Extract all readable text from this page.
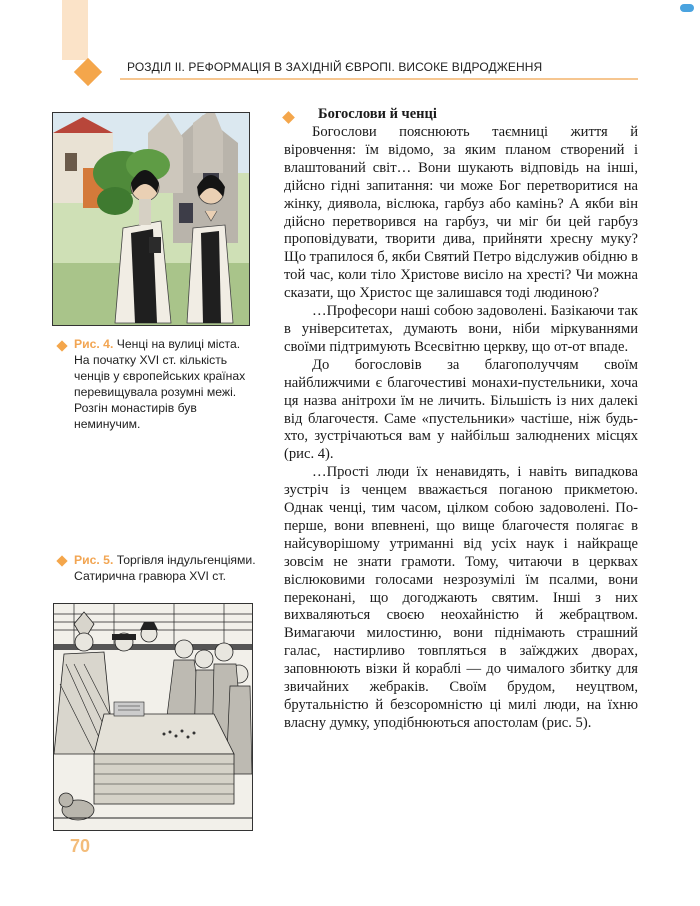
РОЗДІЛ ІІ. РЕФОРМАЦІЯ В ЗАХІДНІЙ ЄВРОПІ. ВИСОКЕ ВІДРОДЖЕННЯ
Рис. 4. Ченці на вулиці міста. На початку XVI ст. кількість ченців у європейських країнах перевищувала розумні межі. Розгін монастирів був неминучим.
Рис. 5. Торгівля індульгенціями. Сатирична гравюра XVI ст.
Богослови й ченці

Богослови пояснюють таємниці життя й віровчення: їм відомо, за яким планом створений і влаштований світ… Вони шукають відповідь на інші, дійсно гідні запитання: чи може Бог перетворитися на жінку, диявола, віслюка, гарбуз або камінь? А якби він дійсно перетворився на гарбуз, чи міг би цей гарбуз проповідувати, творити дива, прийняти хресну муку? Що трапилося б, якби Святий Петро відслужив обідню в той час, коли тіло Христове висіло на хресті? Чи можна сказати, що Христос ще залишався тоді людиною?

…Професори наші собою задоволені. Базікаючи так в університетах, думають вони, ніби міркуваннями своїми підтримують Всесвітню церкву, що от-от впаде.

До богословів за благополуччям своїм найближчими є благочестиві монахи-пустельники, хоча ця назва анітрохи їм не личить. Більшість із них далекі від благочестя. Саме «пустельники» частіше, ніж будь-хто, зустрічаються вам у найбільш залюднених місцях (рис. 4).

…Прості люди їх ненавидять, і навіть випадкова зустріч із ченцем вважається поганою прикметою. Однак ченці, тим часом, цілком собою задоволені. По-перше, вони впевнені, що вище благочестя полягає в найсуворішому утриманні від усіх наук і найкраще зовсім не знати грамоти. Тому, читаючи в церквах віслюковими голосами незрозумілі їм псалми, вони переконані, що догоджають святим. Інші з них вихваляються своєю неохайністю й жебрацтвом. Вимагаючи милостиню, вони піднімають страшний галас, настирливо товпляться в заїжджих дворах, заповнюють візки й кораблі — до чималого збитку для звичайних жебраків. Своїм брудом, неуцтвом, брутальністю й безсоромністю ці милі люди, на їхню власну думку, уподібнюються апостолам (рис. 5).

70
